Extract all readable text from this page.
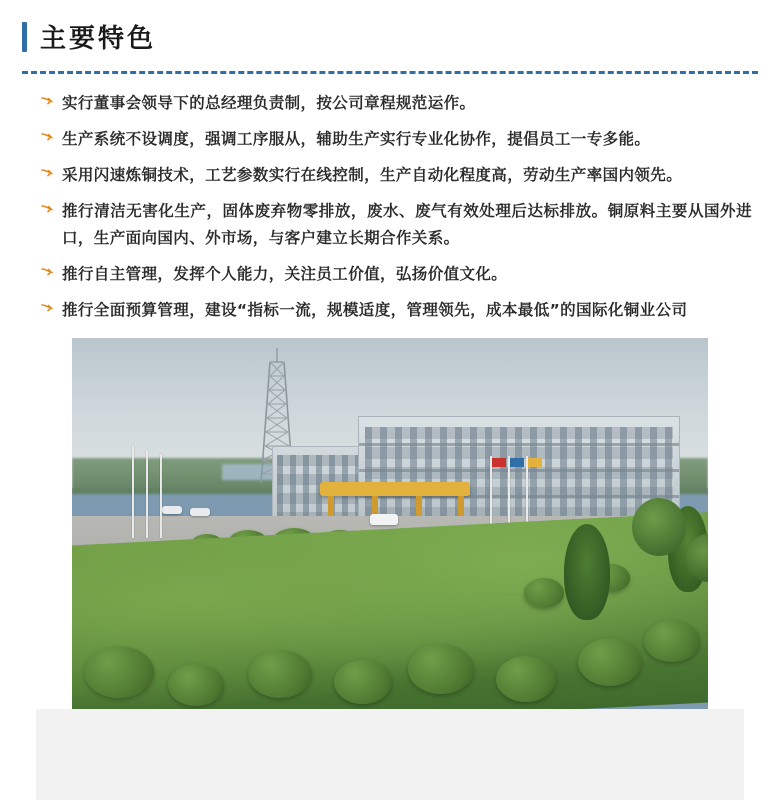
主要特色
实行董事会领导下的总经理负责制，按公司章程规范运作。
生产系统不设调度，强调工序服从，辅助生产实行专业化协作，提倡员工一专多能。
采用闪速炼铜技术，工艺参数实行在线控制，生产自动化程度高，劳动生产率国内领先。
推行清洁无害化生产，固体废弃物零排放，废水、废气有效处理后达标排放。铜原料主要从国外进口，生产面向国内、外市场，与客户建立长期合作关系。
推行自主管理，发挥个人能力，关注员工价值，弘扬价值文化。
推行全面预算管理，建设“指标一流，规模适度，管理领先，成本最低”的国际化铜业公司
